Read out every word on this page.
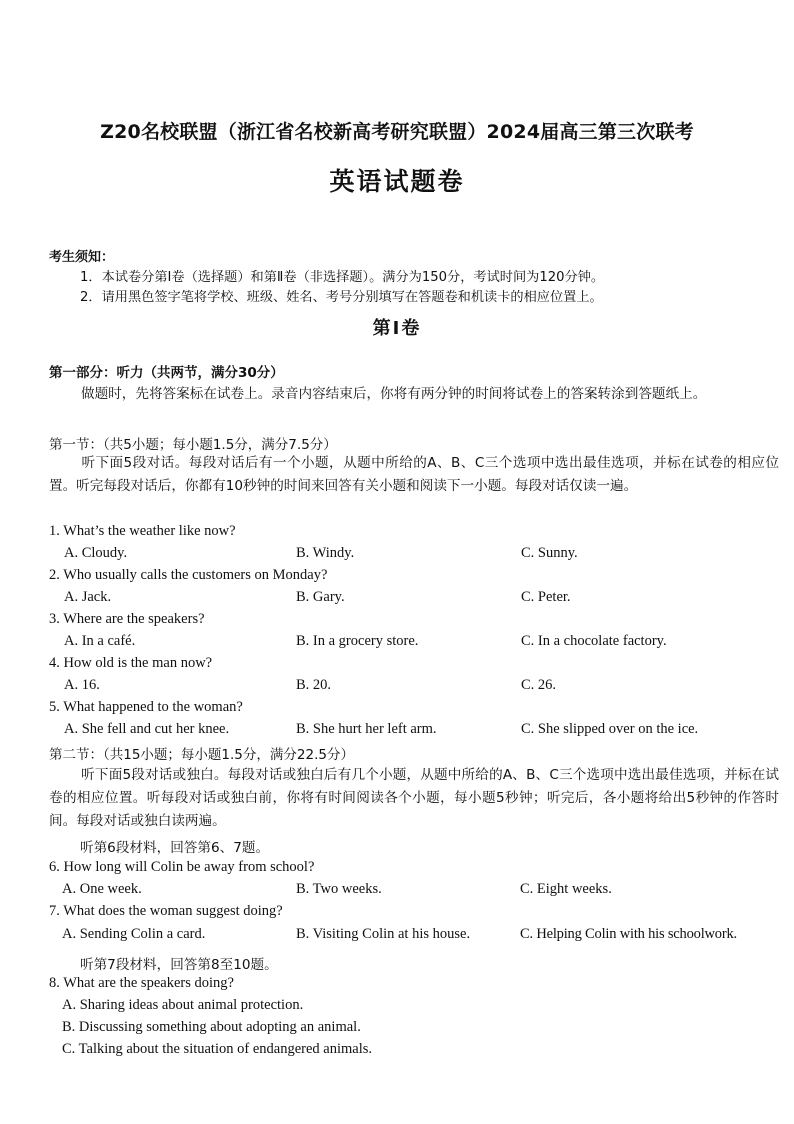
Z20名校联盟（浙江省名校新高考研究联盟）2024届高三第三次联考
英语试题卷
考生须知：
1．本试卷分第Ⅰ卷（选择题）和第Ⅱ卷（非选择题）。满分为150分，考试时间为120分钟。
2．请用黑色签字笔将学校、班级、姓名、考号分别填写在答题卷和机读卡的相应位置上。
第Ⅰ卷
第一部分：听力（共两节，满分30分）
做题时，先将答案标在试卷上。录音内容结束后，你将有两分钟的时间将试卷上的答案转涂到答题纸上。
第一节：（共5小题；每小题1.5分，满分7.5分）
听下面5段对话。每段对话后有一个小题，从题中所给的A、B、C三个选项中选出最佳选项，并标在试卷的相应位置。听完每段对话后，你都有10秒钟的时间来回答有关小题和阅读下一小题。每段对话仅读一遍。
1. What’s the weather like now?
A. Cloudy.	B. Windy.	C. Sunny.
2. Who usually calls the customers on Monday?
A. Jack.	B. Gary.	C. Peter.
3. Where are the speakers?
A. In a café.	B. In a grocery store.	C. In a chocolate factory.
4. How old is the man now?
A. 16.	B. 20.	C. 26.
5. What happened to the woman?
A. She fell and cut her knee.	B. She hurt her left arm.	C. She slipped over on the ice.
第二节：（共15小题；每小题1.5分，满分22.5分）
听下面5段对话或独白。每段对话或独白后有几个小题，从题中所给的A、B、C三个选项中选出最佳选项，并标在试卷的相应位置。听每段对话或独白前，你将有时间阅读各个小题，每小题5秒钟；听完后，各小题将给出5秒钟的作答时间。每段对话或独白读两遍。
听第6段材料，回答第6、7题。
6. How long will Colin be away from school?
A. One week.	B. Two weeks.	C. Eight weeks.
7. What does the woman suggest doing?
A. Sending Colin a card.	B. Visiting Colin at his house.	C. Helping Colin with his schoolwork.
听第7段材料，回答第8至10题。
8. What are the speakers doing?
A. Sharing ideas about animal protection.
B. Discussing something about adopting an animal.
C. Talking about the situation of endangered animals.
